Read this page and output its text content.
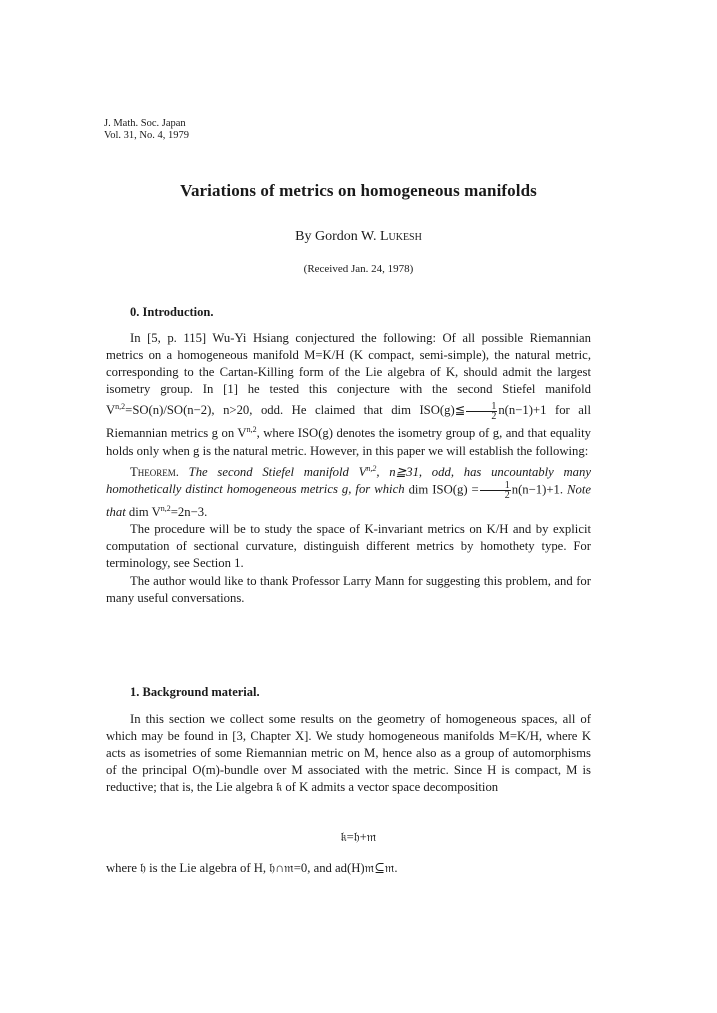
J. Math. Soc. Japan
Vol. 31, No. 4, 1979
Variations of metrics on homogeneous manifolds
By Gordon W. Lukesh
(Received Jan. 24, 1978)
0. Introduction.

In [5, p. 115] Wu-Yi Hsiang conjectured the following: Of all possible Riemannian metrics on a homogeneous manifold M=K/H (K compact, semi-simple), the natural metric, corresponding to the Cartan-Killing form of the Lie algebra of K, should admit the largest isometry group. In [1] he tested this conjecture with the second Stiefel manifold V$^{n,2}$=SO(n)/SO(n−2), n>20, odd. He claimed that dim ISO(g)≦ $\frac{1}{2} n(n-1)+1$ for all Riemannian metrics g on V$^{n,2}$, where ISO(g) denotes the isometry group of g, and that equality holds only when g is the natural metric. However, in this paper we will establish the following:

Theorem. The second Stiefel manifold V$^{n,2}$, n≧31, odd, has uncountably many homothetically distinct homogeneous metrics g, for which dim $ISO(g) = \frac{1}{2} n(n-1)+1$. Note that dim V$^{n,2}$=2n−3.

The procedure will be to study the space of K-invariant metrics on K/H and by explicit computation of sectional curvature, distinguish different metrics by homothety type. For terminology, see Section 1.

The author would like to thank Professor Larry Mann for suggesting this problem, and for many useful conversations.

1. Background material.

In this section we collect some results on the geometry of homogeneous spaces, all of which may be found in [3, Chapter X]. We study homogeneous manifolds M=K/H, where K acts as isometries of some Riemannian metric on M, hence also as a group of automorphisms of the principal O(m)-bundle over M associated with the metric. Since H is compact, M is reductive; that is, the Lie algebra 𝔨 of K admits a vector space decomposition

𝔨=𝔥+𝔪
where 𝔥 is the Lie algebra of H, 𝔥∩𝔪=0, and ad(H)𝔪⊆𝔪.
